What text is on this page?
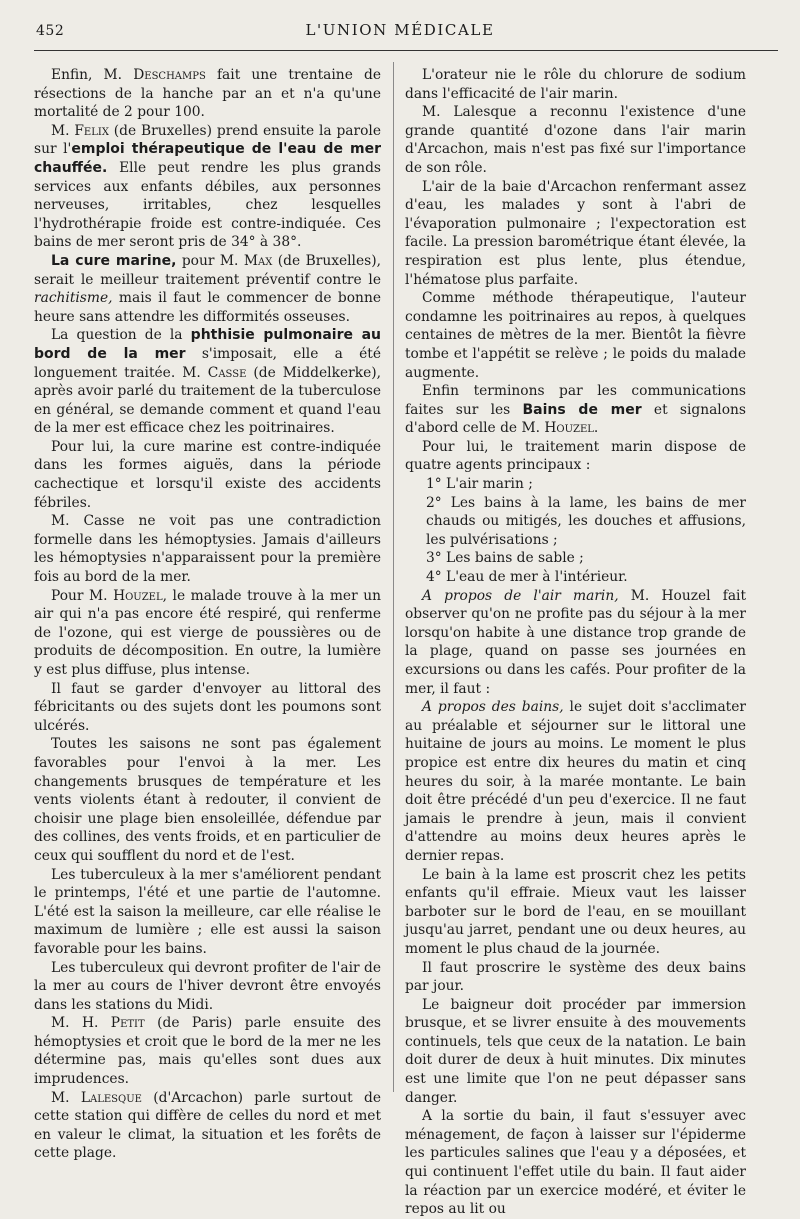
452	L'UNION MÉDICALE

Enfin, M. Deschamps fait une trentaine de résections de la hanche par an et n'a qu'une mortalité de 2 pour 100.

M. Felix (de Bruxelles) prend ensuite la parole sur l'emploi thérapeutique de l'eau de mer chauffée. Elle peut rendre les plus grands services aux enfants débiles, aux personnes nerveuses, irritables, chez lesquelles l'hydrothérapie froide est contre-indiquée. Ces bains de mer seront pris de 34° à 38°.

La cure marine, pour M. Max (de Bruxelles), serait le meilleur traitement préventif contre le rachitisme, mais il faut le commencer de bonne heure sans attendre les difformités osseuses.

La question de la phthisie pulmonaire au bord de la mer s'imposait, elle a été longuement traitée. M. Casse (de Middelkerke), après avoir parlé du traitement de la tuberculose en général, se demande comment et quand l'eau de la mer est efficace chez les poitrinaires.

Pour lui, la cure marine est contre-indiquée dans les formes aiguës, dans la période cachectique et lorsqu'il existe des accidents fébriles.

M. Casse ne voit pas une contradiction formelle dans les hémoptysies. Jamais d'ailleurs les hémoptysies n'apparaissent pour la première fois au bord de la mer.

Pour M. Houzel, le malade trouve à la mer un air qui n'a pas encore été respiré, qui renferme de l'ozone, qui est vierge de poussières ou de produits de décomposition. En outre, la lumière y est plus diffuse, plus intense.

Il faut se garder d'envoyer au littoral des fébricitants ou des sujets dont les poumons sont ulcérés.

Toutes les saisons ne sont pas également favorables pour l'envoi à la mer. Les changements brusques de température et les vents violents étant à redouter, il convient de choisir une plage bien ensoleillée, défendue par des collines, des vents froids, et en particulier de ceux qui soufflent du nord et de l'est.

Les tuberculeux à la mer s'améliorent pendant le printemps, l'été et une partie de l'automne. L'été est la saison la meilleure, car elle réalise le maximum de lumière ; elle est aussi la saison favorable pour les bains.

Les tuberculeux qui devront profiter de l'air de la mer au cours de l'hiver devront être envoyés dans les stations du Midi.

M. H. Petit (de Paris) parle ensuite des hémoptysies et croit que le bord de la mer ne les détermine pas, mais qu'elles sont dues aux imprudences.

M. Lalesque (d'Arcachon) parle surtout de cette station qui diffère de celles du nord et met en valeur le climat, la situation et les forêts de cette plage.

L'orateur nie le rôle du chlorure de sodium dans l'efficacité de l'air marin.

M. Lalesque a reconnu l'existence d'une grande quantité d'ozone dans l'air marin d'Arcachon, mais n'est pas fixé sur l'importance de son rôle.

L'air de la baie d'Arcachon renfermant assez d'eau, les malades y sont à l'abri de l'évaporation pulmonaire ; l'expectoration est facile. La pression barométrique étant élevée, la respiration est plus lente, plus étendue, l'hématose plus parfaite.

Comme méthode thérapeutique, l'auteur condamne les poitrinaires au repos, à quelques centaines de mètres de la mer. Bientôt la fièvre tombe et l'appétit se relève ; le poids du malade augmente.

Enfin terminons par les communications faites sur les Bains de mer et signalons d'abord celle de M. Houzel.

Pour lui, le traitement marin dispose de quatre agents principaux :

1° L'air marin ;

2° Les bains à la lame, les bains de mer chauds ou mitigés, les douches et affusions, les pulvérisations ;

3° Les bains de sable ;

4° L'eau de mer à l'intérieur.

A propos de l'air marin, M. Houzel fait observer qu'on ne profite pas du séjour à la mer lorsqu'on habite à une distance trop grande de la plage, quand on passe ses journées en excursions ou dans les cafés. Pour profiter de la mer, il faut :

A propos des bains, le sujet doit s'acclimater au préalable et séjourner sur le littoral une huitaine de jours au moins. Le moment le plus propice est entre dix heures du matin et cinq heures du soir, à la marée montante. Le bain doit être précédé d'un peu d'exercice. Il ne faut jamais le prendre à jeun, mais il convient d'attendre au moins deux heures après le dernier repas.

Le bain à la lame est proscrit chez les petits enfants qu'il effraie. Mieux vaut les laisser barboter sur le bord de l'eau, en se mouillant jusqu'au jarret, pendant une ou deux heures, au moment le plus chaud de la journée.

Il faut proscrire le système des deux bains par jour.

Le baigneur doit procéder par immersion brusque, et se livrer ensuite à des mouvements continuels, tels que ceux de la natation. Le bain doit durer de deux à huit minutes. Dix minutes est une limite que l'on ne peut dépasser sans danger.

A la sortie du bain, il faut s'essuyer avec ménagement, de façon à laisser sur l'épiderme les particules salines que l'eau y a déposées, et qui continuent l'effet utile du bain. Il faut aider la réaction par un exercice modéré, et éviter le repos au lit ou
